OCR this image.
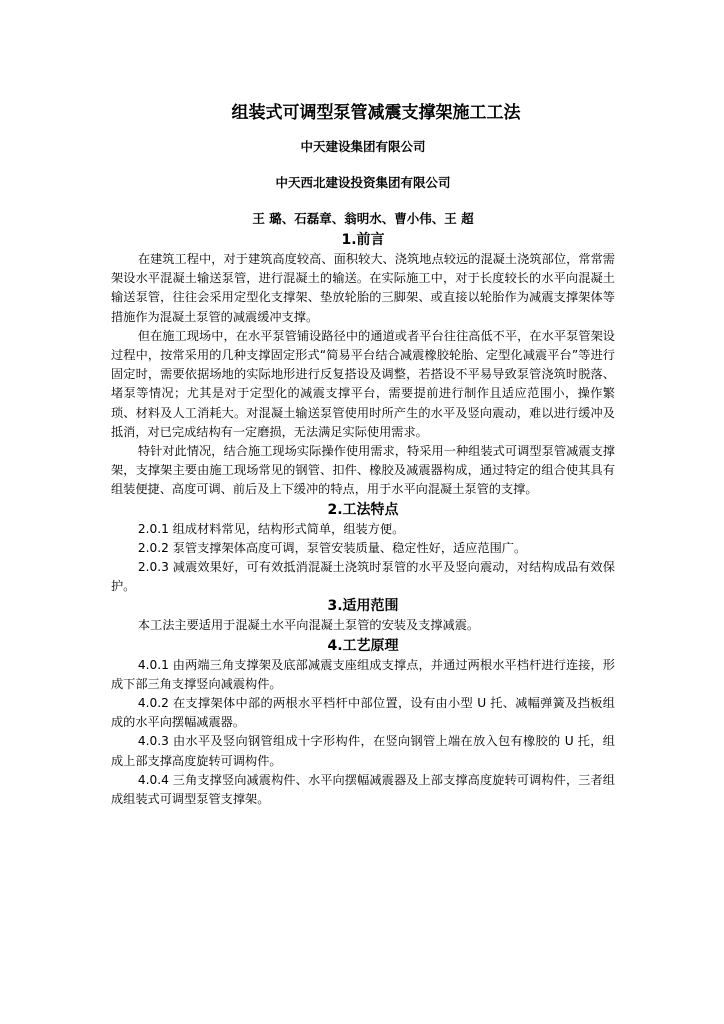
组装式可调型泵管减震支撑架施工工法
中天建设集团有限公司
中天西北建设投资集团有限公司
王 璐、石磊章、翁明水、曹小伟、王 超
1.前言

在建筑工程中，对于建筑高度较高、面积较大、浇筑地点较远的混凝土浇筑部位，常常需架设水平混凝土输送泵管，进行混凝土的输送。在实际施工中，对于长度较长的水平向混凝土输送泵管，往往会采用定型化支撑架、垫放轮胎的三脚架、或直接以轮胎作为减震支撑架体等措施作为混凝土泵管的减震缓冲支撑。

但在施工现场中，在水平泵管铺设路径中的通道或者平台往往高低不平，在水平泵管架设过程中，按常采用的几种支撑固定形式“简易平台结合减震橡胶轮胎、定型化减震平台”等进行固定时，需要依据场地的实际地形进行反复搭设及调整，若搭设不平易导致泵管浇筑时脱落、堵泵等情况；尤其是对于定型化的减震支撑平台，需要提前进行制作且适应范围小，操作繁琐、材料及人工消耗大。对混凝土输送泵管使用时所产生的水平及竖向震动，难以进行缓冲及抵消，对已完成结构有一定磨损，无法满足实际使用需求。

特针对此情况，结合施工现场实际操作使用需求，特采用一种组装式可调型泵管减震支撑架，支撑架主要由施工现场常见的钢管、扣件、橡胶及减震器构成，通过特定的组合使其具有组装便捷、高度可调、前后及上下缓冲的特点，用于水平向混凝土泵管的支撑。

2.工法特点

2.0.1 组成材料常见，结构形式简单，组装方便。

2.0.2 泵管支撑架体高度可调，泵管安装质量、稳定性好，适应范围广。

2.0.3 减震效果好，可有效抵消混凝土浇筑时泵管的水平及竖向震动，对结构成品有效保护。

3.适用范围

本工法主要适用于混凝土水平向混凝土泵管的安装及支撑减震。

4.工艺原理

4.0.1 由两端三角支撑架及底部减震支座组成支撑点，并通过两根水平档杆进行连接，形成下部三角支撑竖向减震构件。

4.0.2 在支撑架体中部的两根水平档杆中部位置，设有由小型 U 托、减幅弹簧及挡板组成的水平向摆幅减震器。

4.0.3 由水平及竖向钢管组成十字形构件，在竖向钢管上端在放入包有橡胶的 U 托，组成上部支撑高度旋转可调构件。

4.0.4 三角支撑竖向减震构件、水平向摆幅减震器及上部支撑高度旋转可调构件，三者组成组装式可调型泵管支撑架。
